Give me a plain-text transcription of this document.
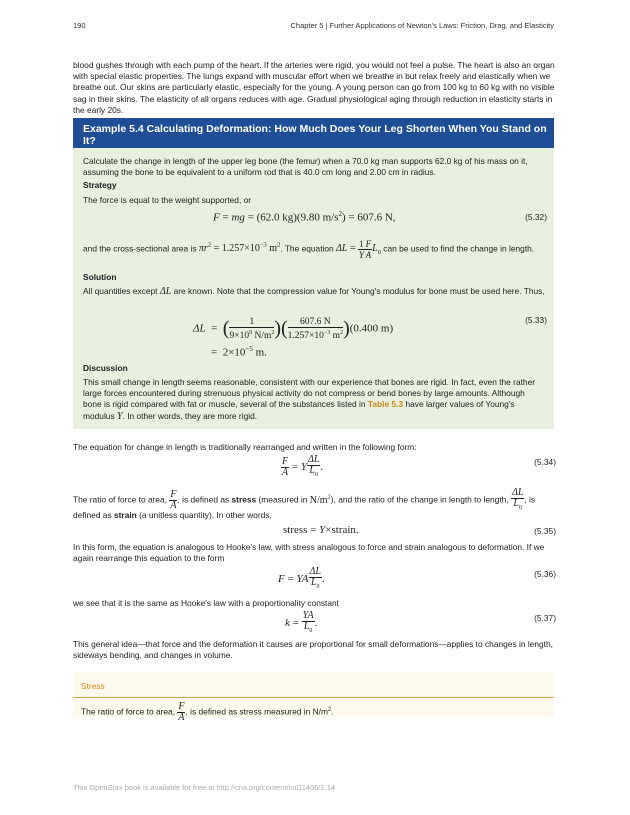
190	Chapter 5 | Further Applications of Newton's Laws: Friction, Drag, and Elasticity
blood gushes through with each pump of the heart. If the arteries were rigid, you would not feel a pulse. The heart is also an organ with special elastic properties. The lungs expand with muscular effort when we breathe in but relax freely and elastically when we breathe out. Our skins are particularly elastic, especially for the young. A young person can go from 100 kg to 60 kg with no visible sag in their skins. The elasticity of all organs reduces with age. Gradual physiological aging through reduction in elasticity starts in the early 20s.
Example 5.4 Calculating Deformation: How Much Does Your Leg Shorten When You Stand on It?
Calculate the change in length of the upper leg bone (the femur) when a 70.0 kg man supports 62.0 kg of his mass on it, assuming the bone to be equivalent to a uniform rod that is 40.0 cm long and 2.00 cm in radius.
Strategy
The force is equal to the weight supported, or
F = mg = (62.0 kg)(9.80 $m/s^2) = 607.6$ N,	(5.32)
and the cross-sectional area is $\pi r^2 = 1.257\times 10^{-3}$ $m^2$. The equation $\Delta L = \frac{1}{Y} \frac{F}{A} L_0$ can be used to find the change in length.
Solution
All quantities except ΔL are known. Note that the compression value for Young's modulus for bone must be used here. Thus,
ΔL  =  ( $\frac{1}{9\times 10^9 N/m^2}$ )( $\frac{607.6 N}{1.257\times 10^{-3} m^2} )(0.400$ m)
=  $2\times 10^{-5}$ m.
(5.33)
Discussion
This small change in length seems reasonable, consistent with our experience that bones are rigid. In fact, even the rather large forces encountered during strenuous physical activity do not compress or bend bones by large amounts. Although bone is rigid compared with fat or muscle, several of the substances listed in Table 5.3 have larger values of Young's modulus Y. In other words, they are more rigid.
The equation for change in length is traditionally rearranged and written in the following form:
$\frac{F}{A} = Y \frac{\Delta L}{L_0}$ .	(5.34)
The ratio of force to area, $\frac{F}{A}$ , is defined as stress (measured in $N/m^2$), and the ratio of the change in length to length, $\frac{\Delta L}{L_0}$ , is
defined as strain (a unitless quantity). In other words,
stress = Y×strain.	(5.35)
In this form, the equation is analogous to Hooke's law, with stress analogous to force and strain analogous to deformation. If we again rearrange this equation to the form
F = YA $\frac{\Delta L}{L_0}$ .	(5.36)
we see that it is the same as Hooke's law with a proportionality constant
$k = \frac{YA}{L_0}$ .	(5.37)
This general idea—that force and the deformation it causes are proportional for small deformations—applies to changes in length, sideways bending, and changes in volume.
Stress
The ratio of force to area, $\frac{F}{A}$ , is defined as stress measured in $N/m^2$.
This OpenStax book is available for free at http://cnx.org/content/col11406/1.14
